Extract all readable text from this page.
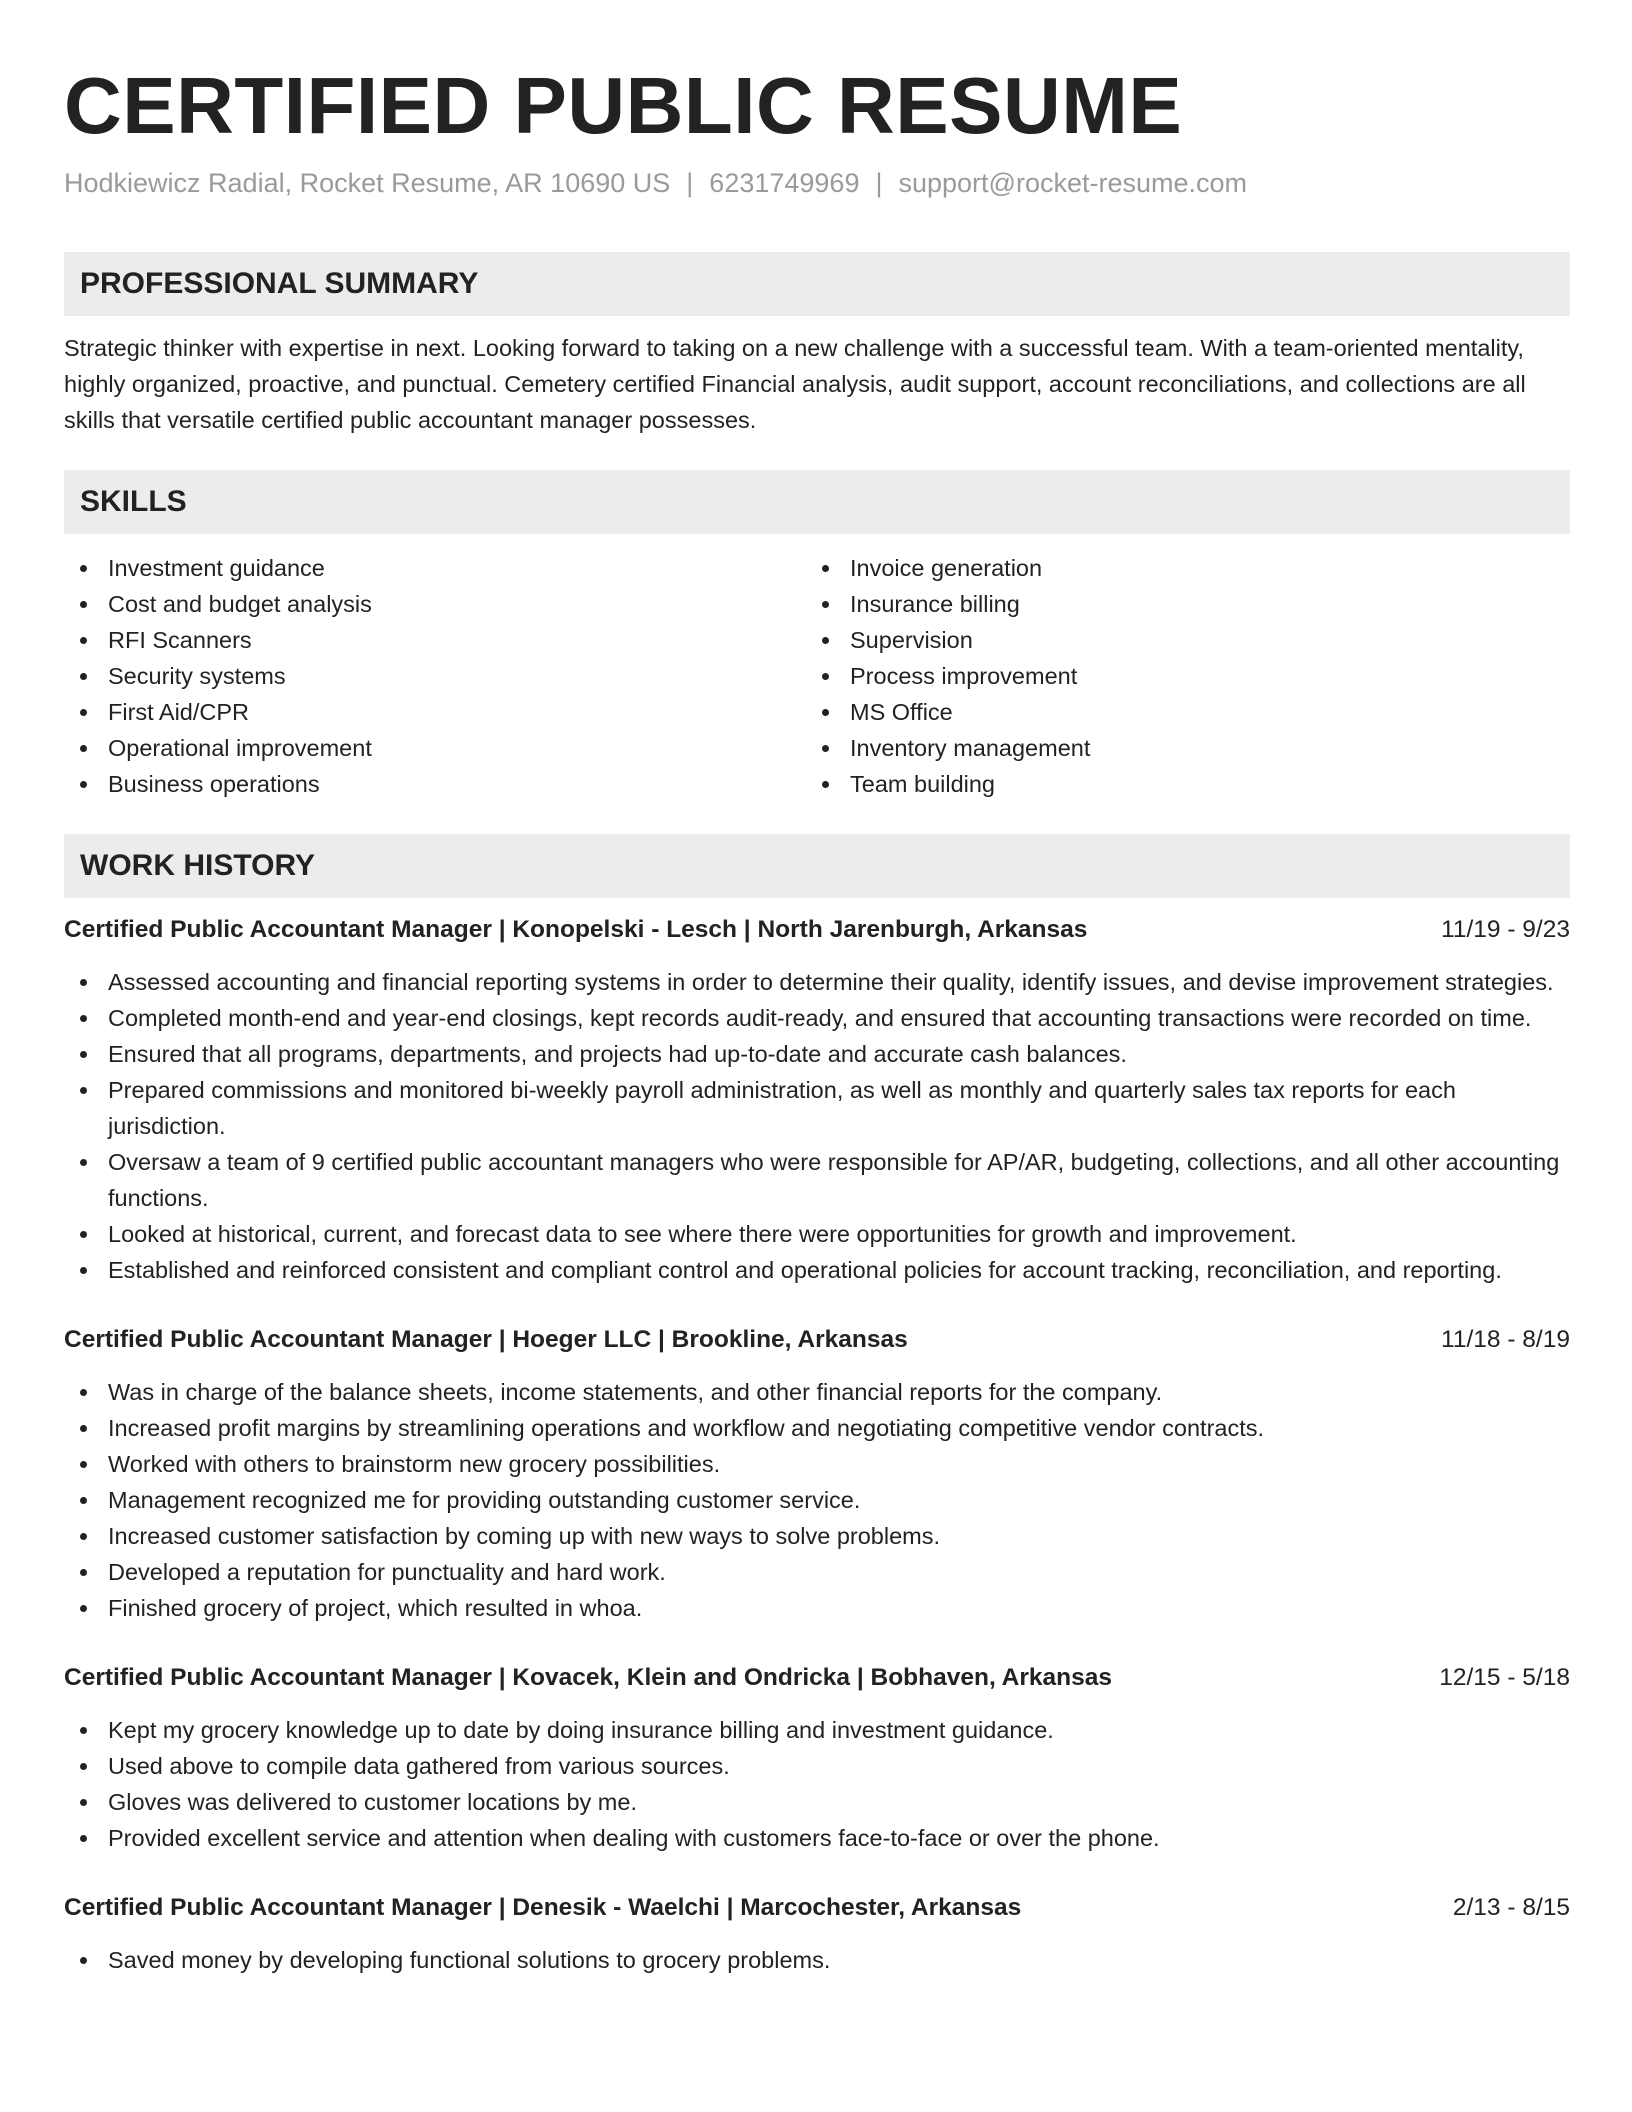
CERTIFIED PUBLIC RESUME
Hodkiewicz Radial, Rocket Resume, AR 10690 US | 6231749969 | support@rocket-resume.com
PROFESSIONAL SUMMARY

Strategic thinker with expertise in next. Looking forward to taking on a new challenge with a successful team. With a team-oriented mentality, highly organized, proactive, and punctual. Cemetery certified Financial analysis, audit support, account reconciliations, and collections are all skills that versatile certified public accountant manager possesses.

SKILLS
Investment guidance
Cost and budget analysis
RFI Scanners
Security systems
First Aid/CPR
Operational improvement
Business operations
Invoice generation
Insurance billing
Supervision
Process improvement
MS Office
Inventory management
Team building
WORK HISTORY
Certified Public Accountant Manager | Konopelski - Lesch | North Jarenburgh, Arkansas	11/19 - 9/23
Assessed accounting and financial reporting systems in order to determine their quality, identify issues, and devise improvement strategies.
Completed month-end and year-end closings, kept records audit-ready, and ensured that accounting transactions were recorded on time.
Ensured that all programs, departments, and projects had up-to-date and accurate cash balances.
Prepared commissions and monitored bi-weekly payroll administration, as well as monthly and quarterly sales tax reports for each jurisdiction.
Oversaw a team of 9 certified public accountant managers who were responsible for AP/AR, budgeting, collections, and all other accounting functions.
Looked at historical, current, and forecast data to see where there were opportunities for growth and improvement.
Established and reinforced consistent and compliant control and operational policies for account tracking, reconciliation, and reporting.
Certified Public Accountant Manager | Hoeger LLC | Brookline, Arkansas	11/18 - 8/19
Was in charge of the balance sheets, income statements, and other financial reports for the company.
Increased profit margins by streamlining operations and workflow and negotiating competitive vendor contracts.
Worked with others to brainstorm new grocery possibilities.
Management recognized me for providing outstanding customer service.
Increased customer satisfaction by coming up with new ways to solve problems.
Developed a reputation for punctuality and hard work.
Finished grocery of project, which resulted in whoa.
Certified Public Accountant Manager | Kovacek, Klein and Ondricka | Bobhaven, Arkansas	12/15 - 5/18
Kept my grocery knowledge up to date by doing insurance billing and investment guidance.
Used above to compile data gathered from various sources.
Gloves was delivered to customer locations by me.
Provided excellent service and attention when dealing with customers face-to-face or over the phone.
Certified Public Accountant Manager | Denesik - Waelchi | Marcochester, Arkansas	2/13 - 8/15
Saved money by developing functional solutions to grocery problems.
